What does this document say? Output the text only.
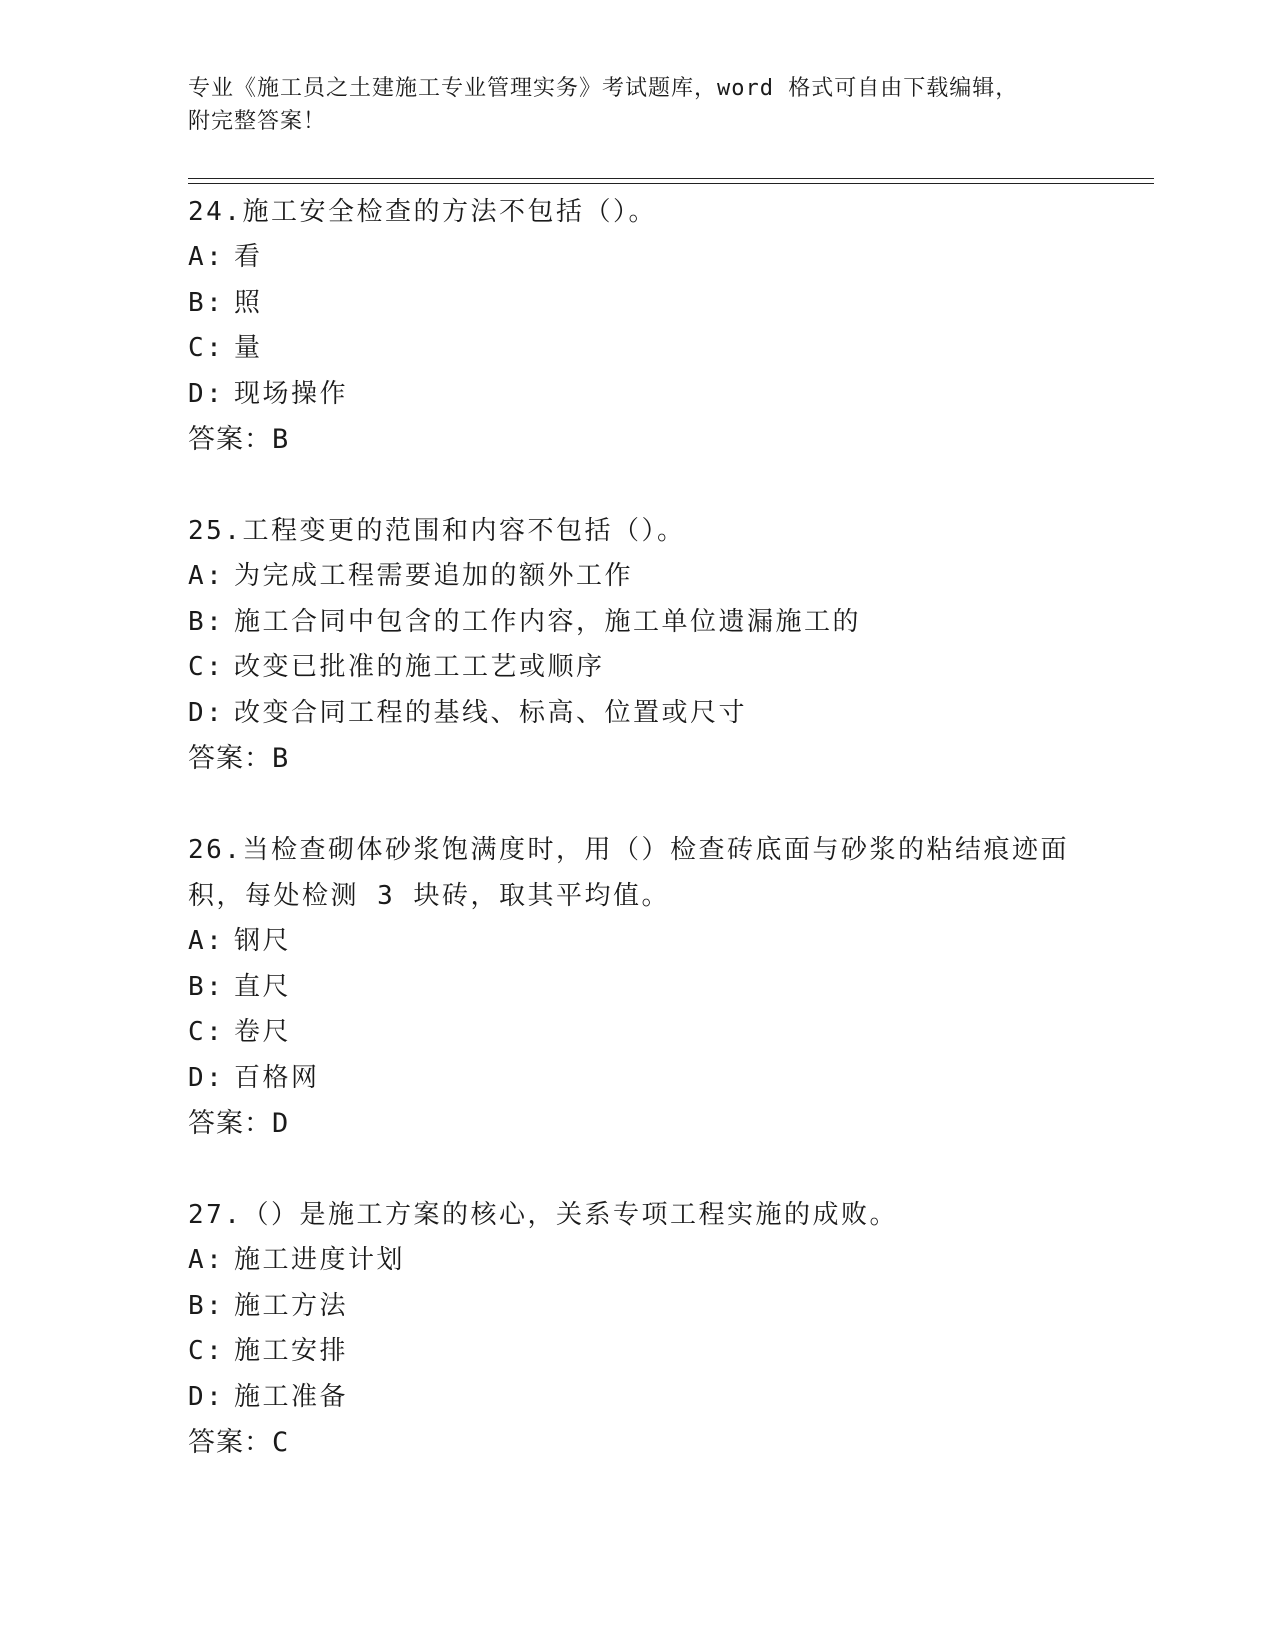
专业《施工员之土建施工专业管理实务》考试题库，word 格式可自由下载编辑，
附完整答案！
24.施工安全检查的方法不包括（）。
A: 看
B: 照
C: 量
D: 现场操作
答案：B
25.工程变更的范围和内容不包括（）。
A: 为完成工程需要追加的额外工作
B: 施工合同中包含的工作内容，施工单位遗漏施工的
C: 改变已批准的施工工艺或顺序
D: 改变合同工程的基线、标高、位置或尺寸
答案：B
26.当检查砌体砂浆饱满度时，用（）检查砖底面与砂浆的粘结痕迹面
积，每处检测 3 块砖，取其平均值。
A: 钢尺
B: 直尺
C: 卷尺
D: 百格网
答案：D
27.（）是施工方案的核心，关系专项工程实施的成败。
A: 施工进度计划
B: 施工方法
C: 施工安排
D: 施工准备
答案：C
